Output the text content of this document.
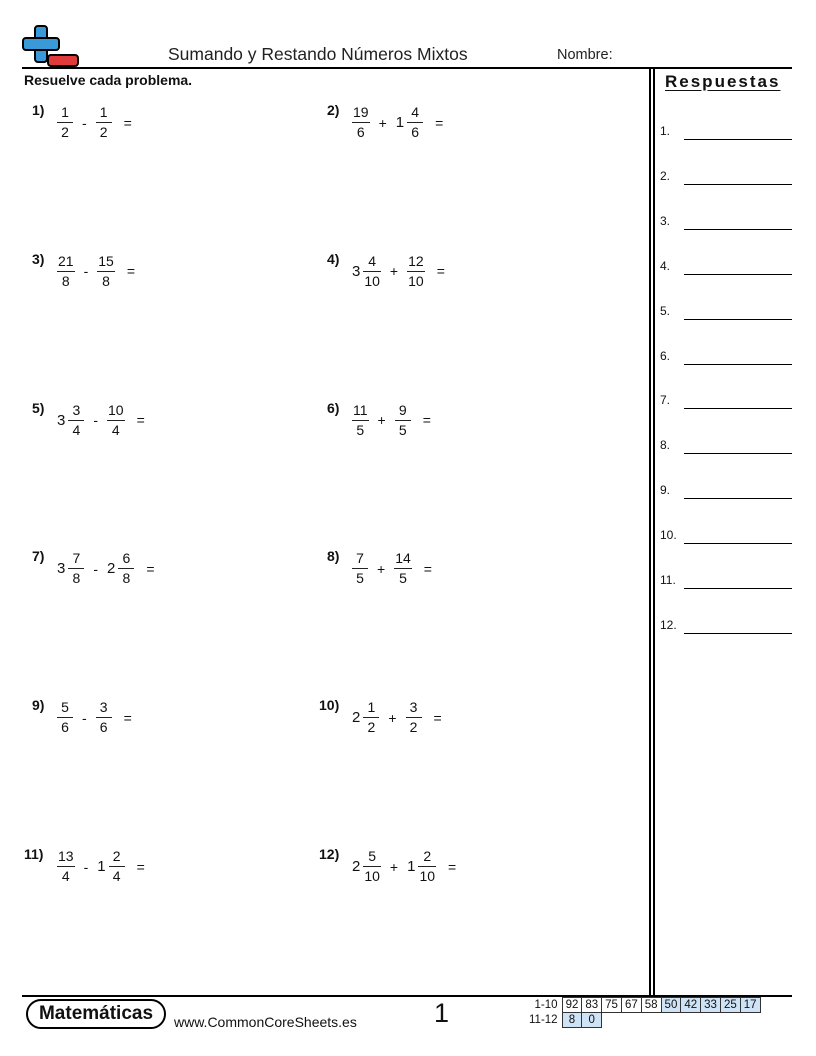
Sumando y Restando Números Mixtos	Nombre:
Resuelve cada problema.	Respuestas
1.
2.
3.
4.
5.
6.
7.
8.
9.
10.
11.
12.
$1) \frac{1}{2} - \frac{1}{2}$ =
$2) \frac{19}{6} + 1 \frac{4}{6}$ =
$3) \frac{21}{8} - \frac{15}{8}$ =
4)
$3 \frac{4}{10} + \frac{12}{10}$ =
5)
$3 \frac{3}{4} - \frac{10}{4}$ =
$6) \frac{11}{5} + \frac{9}{5}$ =
7)
$3 \frac{7}{8} - 2 \frac{6}{8}$ =
$8) \frac{7}{5} + \frac{14}{5}$ =
$9) \frac{5}{6} - \frac{3}{6}$ =
10)
$2 \frac{1}{2} + \frac{3}{2}$ =
$11) \frac{13}{4} - 1 \frac{2}{4}$ =
12)
$2 \frac{5}{10} + 1 \frac{2}{10}$ =
Matemáticas	www.CommonCoreSheets.es	1	1-10	92	83	75	67	58	50	42	33	25	17
11-12	8	0								
